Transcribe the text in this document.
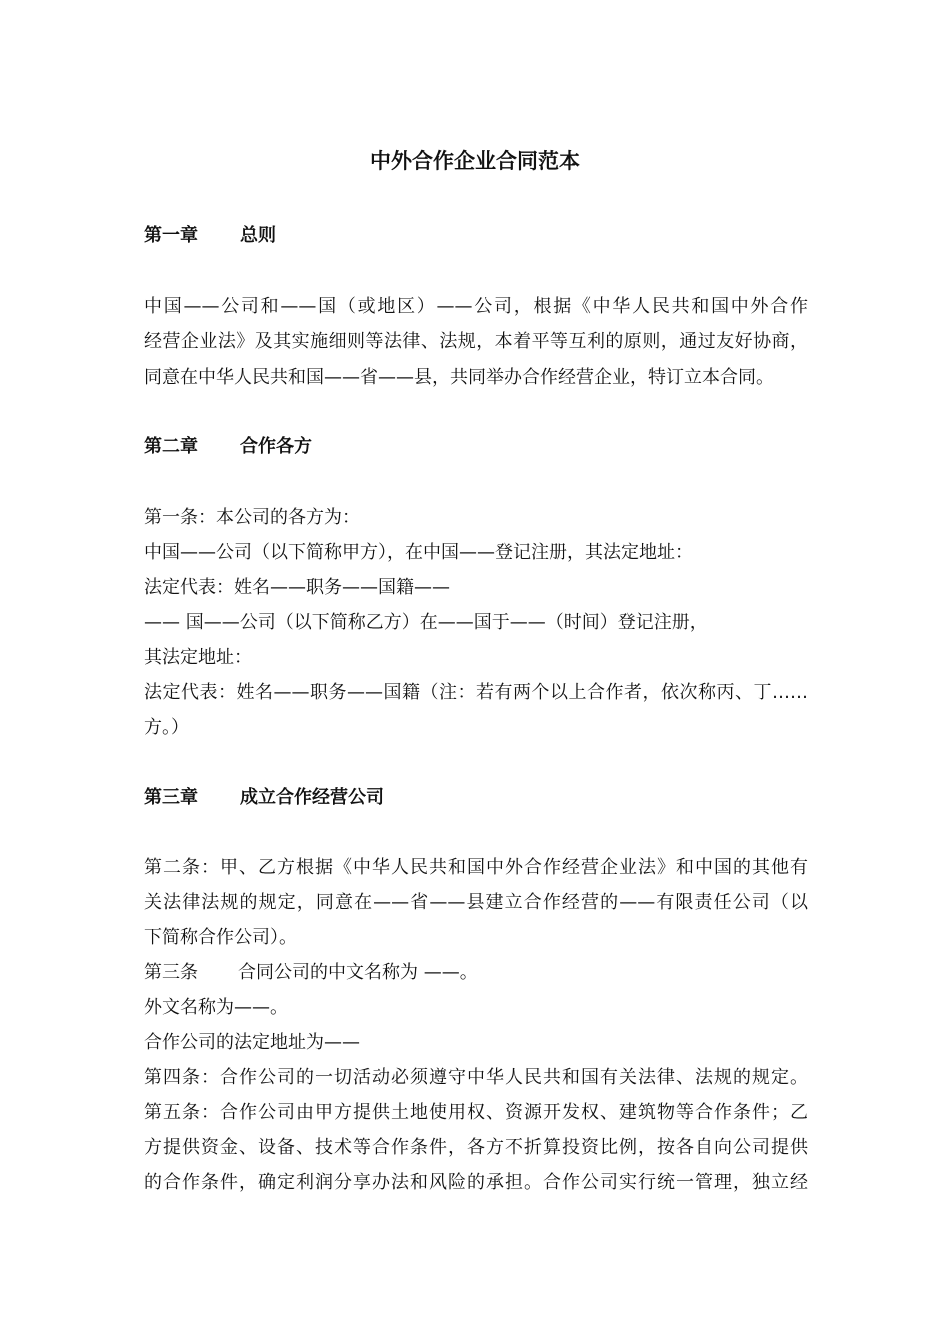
中外合作企业合同范本
第一章 总则
中国——公司和——国（或地区）——公司，根据《中华人民共和国中外合作
经营企业法》及其实施细则等法律、法规，本着平等互利的原则，通过友好协商，
同意在中华人民共和国——省——县，共同举办合作经营企业，特订立本合同。
第二章 合作各方
第一条：本公司的各方为：
中国——公司（以下简称甲方），在中国——登记注册，其法定地址：
法定代表：姓名——职务——国籍——
—— 国——公司（以下简称乙方）在——国于——（时间）登记注册，
其法定地址：
法定代表：姓名——职务——国籍（注：若有两个以上合作者，依次称丙、丁……
方。）
第三章 成立合作经营公司
第二条：甲、乙方根据《中华人民共和国中外合作经营企业法》和中国的其他有
关法律法规的规定，同意在——省——县建立合作经营的——有限责任公司（以
下简称合作公司）。
第三条 合同公司的中文名称为 ——。
外文名称为——。
合作公司的法定地址为——
第四条：合作公司的一切活动必须遵守中华人民共和国有关法律、法规的规定。
第五条：合作公司由甲方提供土地使用权、资源开发权、建筑物等合作条件；乙
方提供资金、设备、技术等合作条件，各方不折算投资比例，按各自向公司提供
的合作条件，确定利润分享办法和风险的承担。合作公司实行统一管理，独立经
